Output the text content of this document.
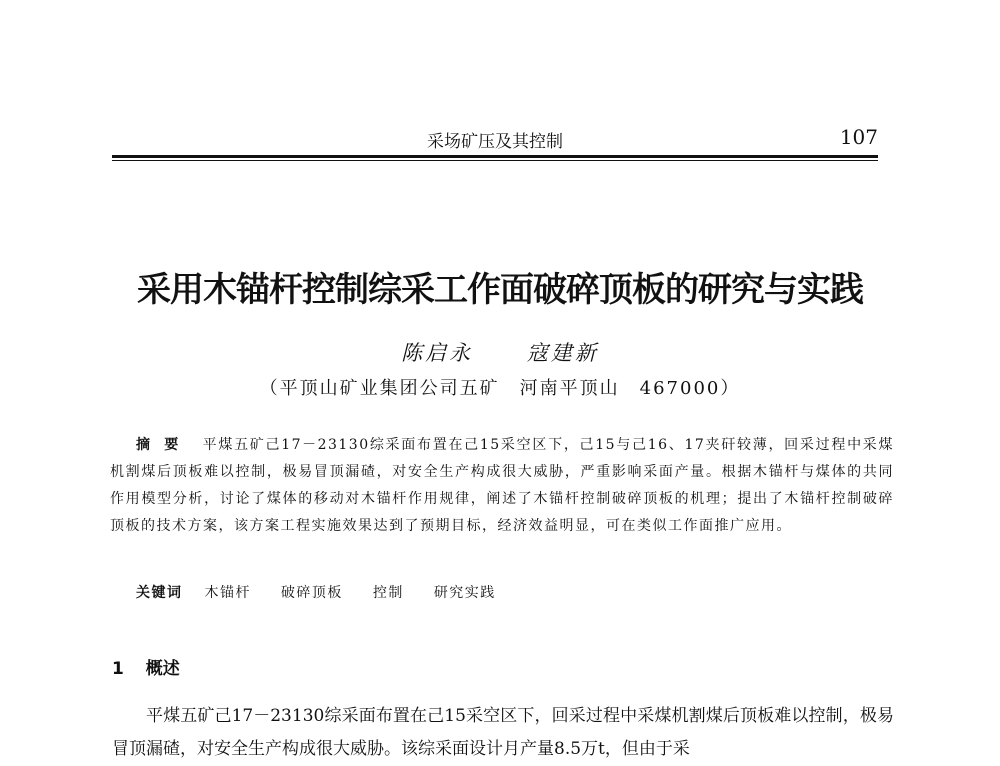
采场矿压及其控制	107
采用木锚杆控制综采工作面破碎顶板的研究与实践
陈启永	寇建新
（平顶山矿业集团公司五矿　河南平顶山　467000）
摘要 平煤五矿己17－23130综采面布置在己15采空区下，己15与己16、17夹矸较薄，回采过程中采煤机割煤后顶板难以控制，极易冒顶漏碴，对安全生产构成很大威胁，严重影响采面产量。根据木锚杆与煤体的共同作用模型分析，讨论了煤体的移动对木锚杆作用规律，阐述了木锚杆控制破碎顶板的机理；提出了木锚杆控制破碎顶板的技术方案，该方案工程实施效果达到了预期目标，经济效益明显，可在类似工作面推广应用。
关键词 木锚杆 破碎顶板 控制 研究实践
1 概述
平煤五矿己17－23130综采面布置在己15采空区下，回采过程中采煤机割煤后顶板难以控制，极易冒顶漏碴，对安全生产构成很大威胁。该综采面设计月产量8.5万t，但由于采
